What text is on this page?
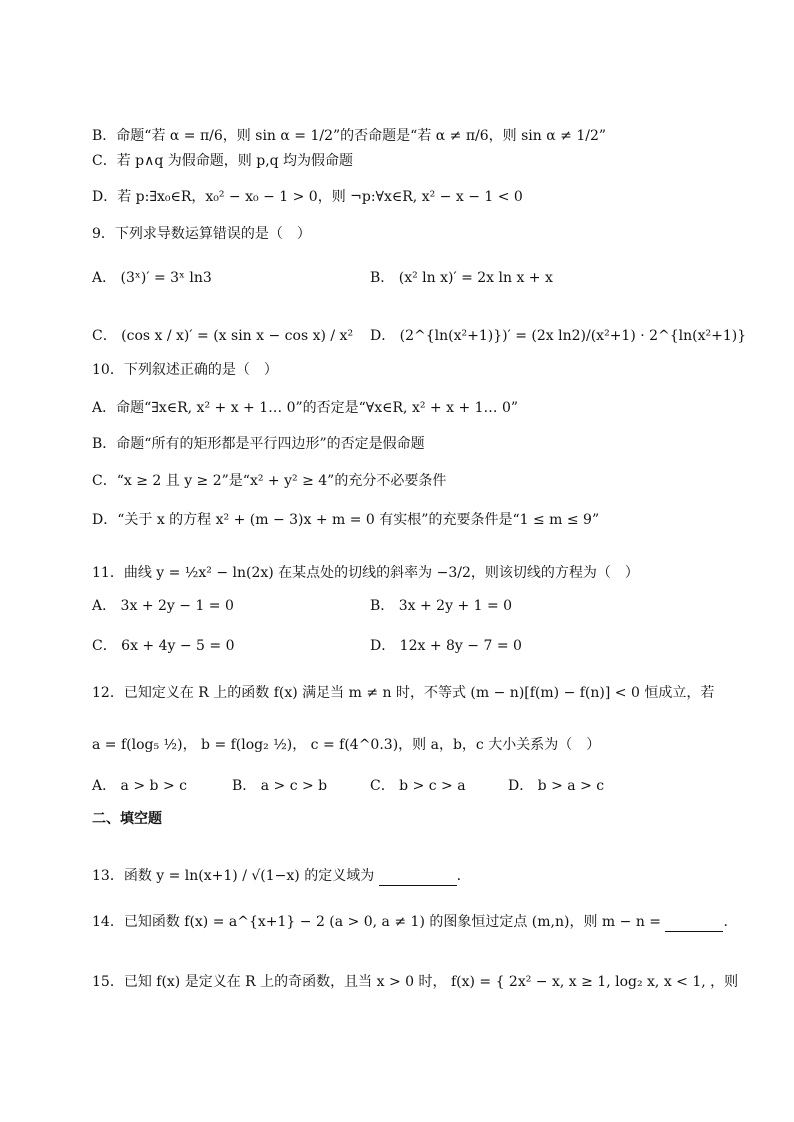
B．命题“若 α = π/6，则 sin α = 1/2”的否命题是“若 α ≠ π/6，则 sin α ≠ 1/2”
C．若 p∧q 为假命题，则 p,q 均为假命题
D．若 p:∃x₀∈R，x₀² − x₀ − 1 > 0，则 ¬p:∀x∈R, x² − x − 1 < 0
9．下列求导数运算错误的是（　）
A． (3ˣ)′ = 3ˣ ln3	B． (x² ln x)′ = 2x ln x + x
C． (cos x / x)′ = (x sin x − cos x) / x² D． (2^{ln(x²+1)})′ = (2x ln2)/(x²+1) · 2^{ln(x²+1)}
10．下列叙述正确的是（　）
A．命题“∃x∈R, x² + x + 1… 0”的否定是“∀x∈R, x² + x + 1… 0”
B．命题“所有的矩形都是平行四边形”的否定是假命题
C．“x ≥ 2 且 y ≥ 2”是“x² + y² ≥ 4”的充分不必要条件
D．“关于 x 的方程 x² + (m − 3)x + m = 0 有实根”的充要条件是“1 ≤ m ≤ 9”
11．曲线 y = ½x² − ln(2x) 在某点处的切线的斜率为 −3/2，则该切线的方程为（　）
A． 3x + 2y − 1 = 0	B． 3x + 2y + 1 = 0
C． 6x + 4y − 5 = 0	D． 12x + 8y − 7 = 0
12．已知定义在 R 上的函数 f(x) 满足当 m ≠ n 时，不等式 (m − n)[f(m) − f(n)] < 0 恒成立，若
a = f(log₅ ½)， b = f(log₂ ½)， c = f(4^0.3)，则 a，b，c 大小关系为（　）
A． a > b > c	B． a > c > b	C． b > c > a	D． b > a > c
二、填空题
13．函数 y = ln(x+1) / √(1−x) 的定义域为	.
14．已知函数 f(x) = a^{x+1} − 2 (a > 0, a ≠ 1) 的图象恒过定点 (m,n)，则 m − n =	.
15．已知 f(x) 是定义在 R 上的奇函数，且当 x > 0 时， f(x) = { 2x² − x, x ≥ 1, log₂ x, x < 1, ，则
